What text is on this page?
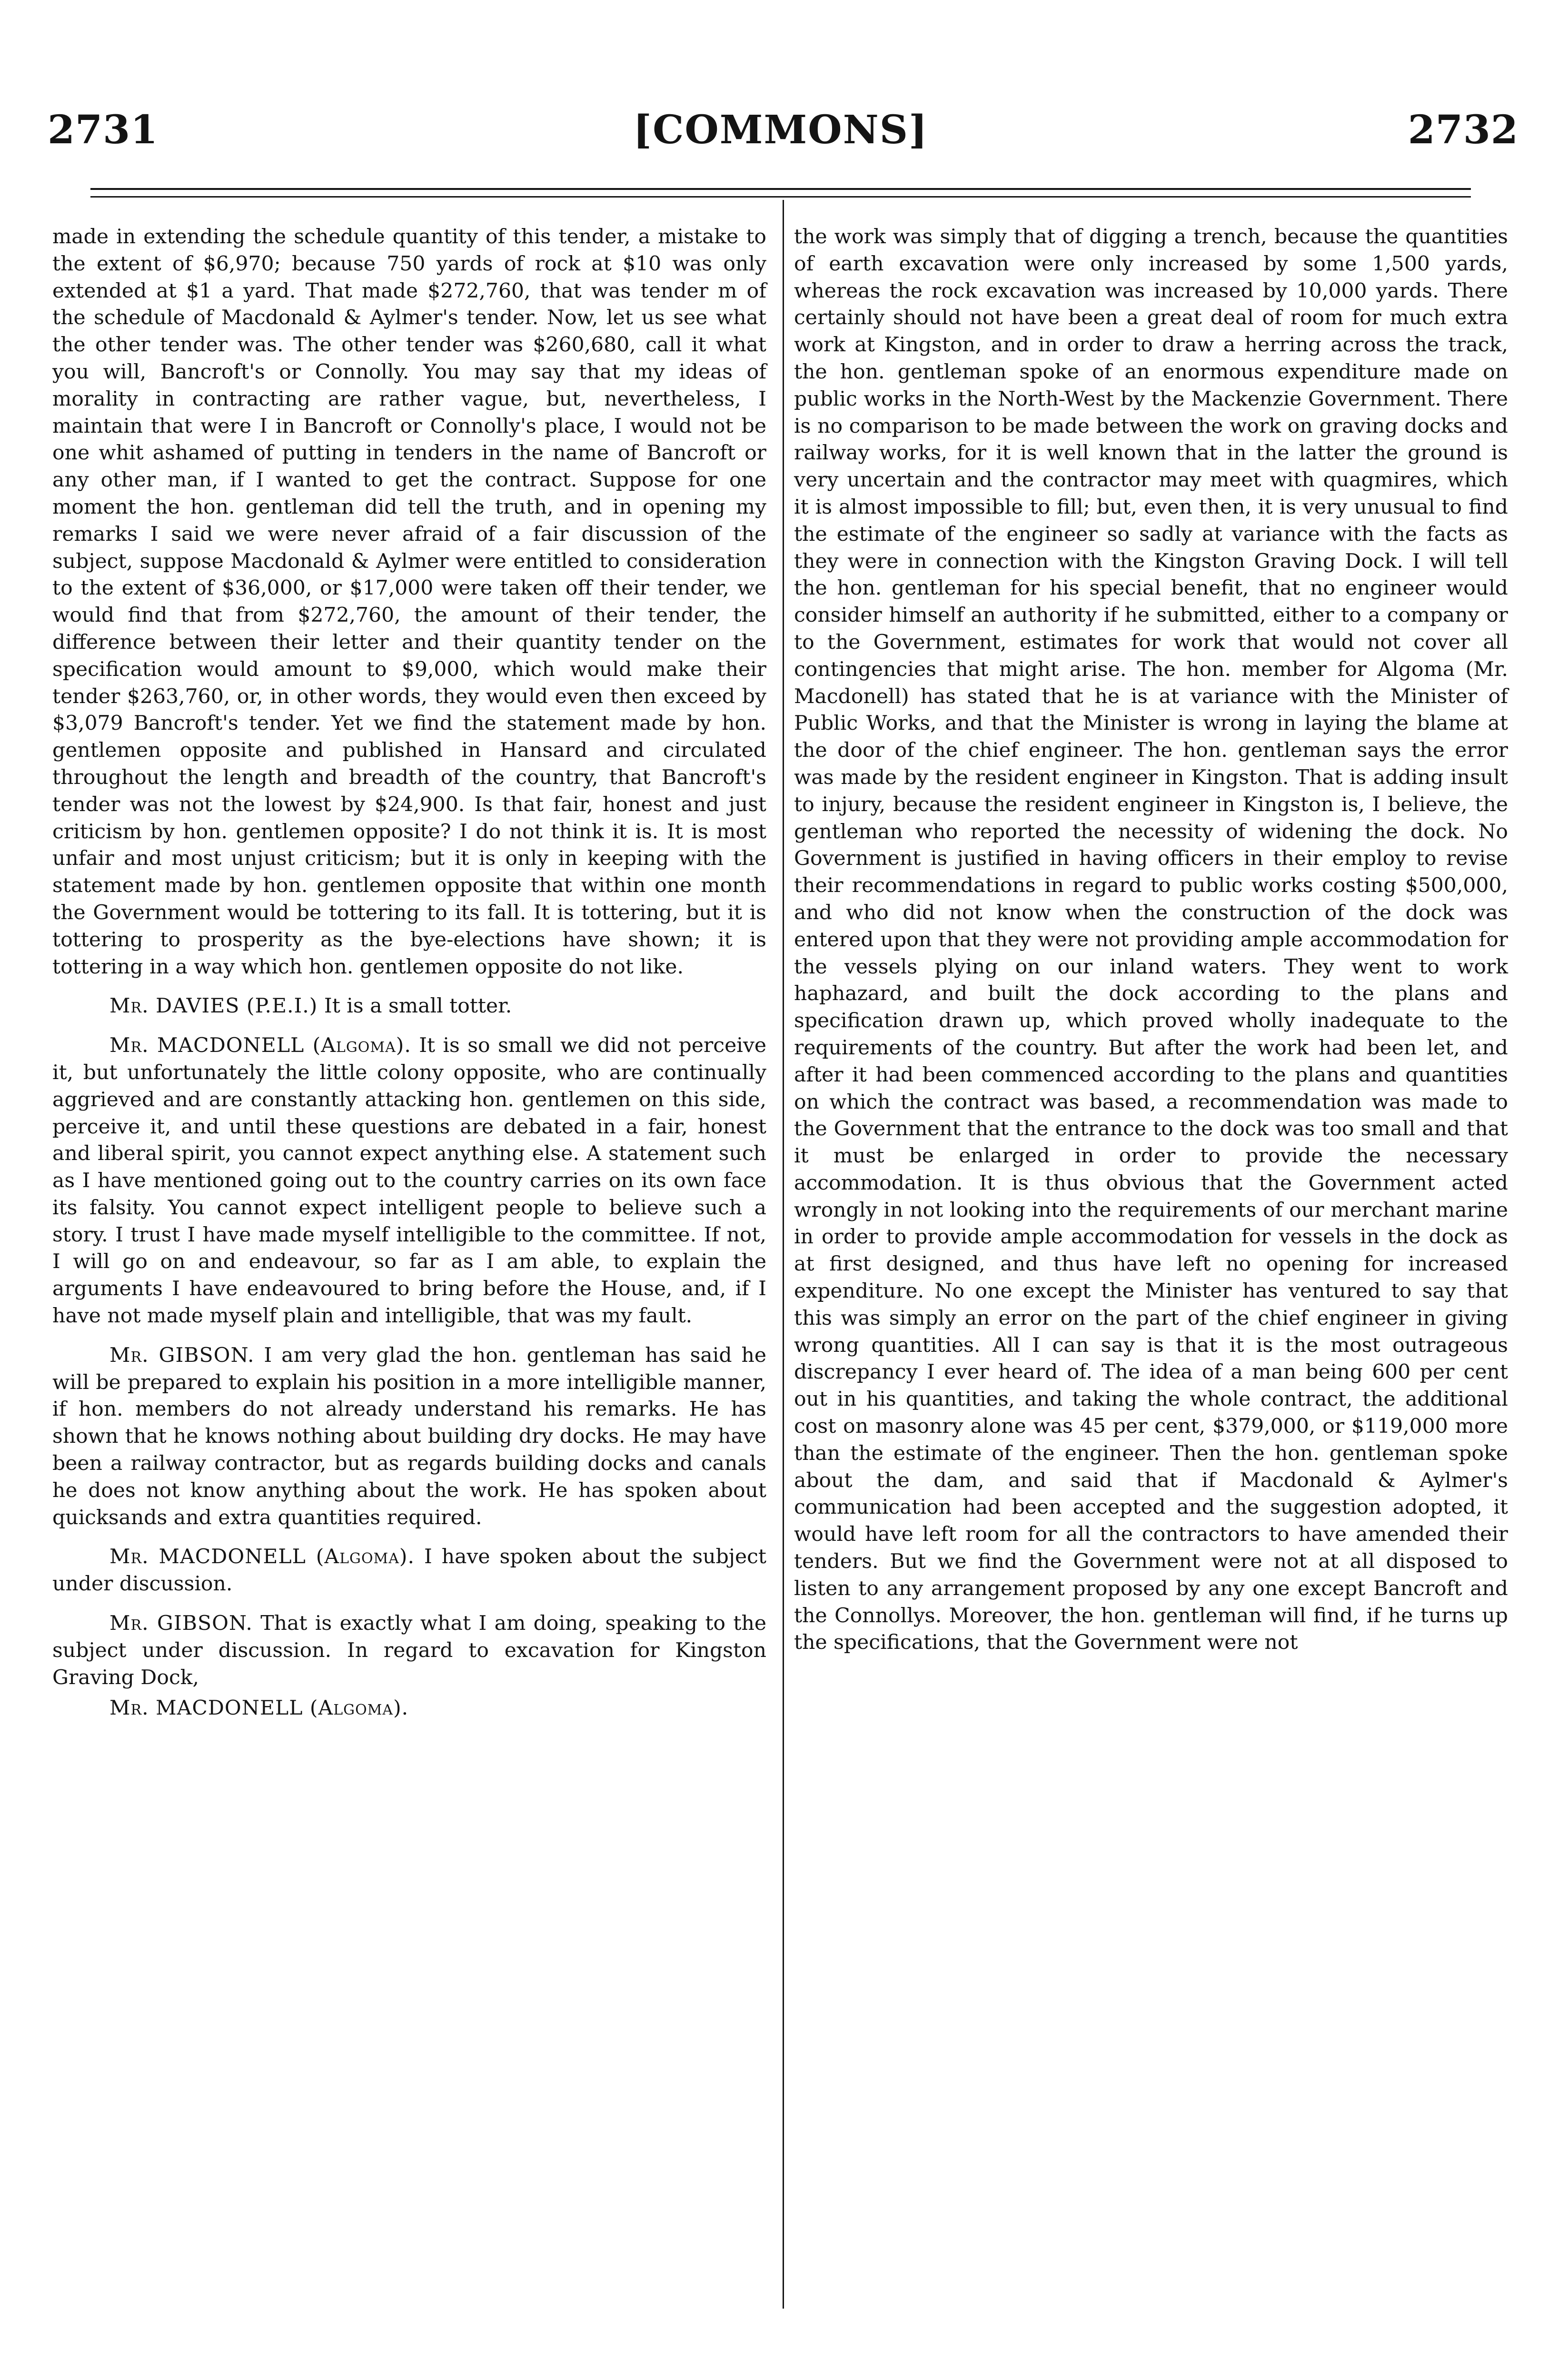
2731	[COMMONS]	2732

made in extending the schedule quantity of this tender, a mistake to the extent of $6,970; because 750 yards of rock at $10 was only extended at $1 a yard. That made $272,760, that was tender m of the schedule of Macdonald & Aylmer's tender. Now, let us see what the other tender was. The other tender was $260,680, call it what you will, Bancroft's or Connolly. You may say that my ideas of morality in contracting are rather vague, but, nevertheless, I maintain that were I in Bancroft or Connolly's place, I would not be one whit ashamed of putting in tenders in the name of Bancroft or any other man, if I wanted to get the contract. Suppose for one moment the hon. gentleman did tell the truth, and in opening my remarks I said we were never afraid of a fair discussion of the subject, suppose Macdonald & Aylmer were entitled to consideration to the extent of $36,000, or $17,000 were taken off their tender, we would find that from $272,760, the amount of their tender, the difference between their letter and their quantity tender on the specification would amount to $9,000, which would make their tender $263,760, or, in other words, they would even then exceed by $3,079 Bancroft's tender. Yet we find the statement made by hon. gentlemen opposite and published in Hansard and circulated throughout the length and breadth of the country, that Bancroft's tender was not the lowest by $24,900. Is that fair, honest and just criticism by hon. gentlemen opposite? I do not think it is. It is most unfair and most unjust criticism; but it is only in keeping with the statement made by hon. gentlemen opposite that within one month the Government would be tottering to its fall. It is tottering, but it is tottering to prosperity as the bye-elections have shown; it is tottering in a way which hon. gentlemen opposite do not like.

Mr. DAVIES (P.E.I.) It is a small totter.

Mr. MACDONELL (Algoma). It is so small we did not perceive it, but unfortunately the little colony opposite, who are continually aggrieved and are constantly attacking hon. gentlemen on this side, perceive it, and until these questions are debated in a fair, honest and liberal spirit, you cannot expect anything else. A statement such as I have mentioned going out to the country carries on its own face its falsity. You cannot expect intelligent people to believe such a story. I trust I have made myself intelligible to the committee. If not, I will go on and endeavour, so far as I am able, to explain the arguments I have endeavoured to bring before the House, and, if I have not made myself plain and intelligible, that was my fault.

Mr. GIBSON. I am very glad the hon. gentleman has said he will be prepared to explain his position in a more intelligible manner, if hon. members do not already understand his remarks. He has shown that he knows nothing about building dry docks. He may have been a railway contractor, but as regards building docks and canals he does not know anything about the work. He has spoken about quicksands and extra quantities required.

Mr. MACDONELL (Algoma). I have spoken about the subject under discussion.

Mr. GIBSON. That is exactly what I am doing, speaking to the subject under discussion. In regard to excavation for Kingston Graving Dock,

Mr. MACDONELL (Algoma).

the work was simply that of digging a trench, because the quantities of earth excavation were only increased by some 1,500 yards, whereas the rock excavation was increased by 10,000 yards. There certainly should not have been a great deal of room for much extra work at Kingston, and in order to draw a herring across the track, the hon. gentleman spoke of an enormous expenditure made on public works in the North-West by the Mackenzie Government. There is no comparison to be made between the work on graving docks and railway works, for it is well known that in the latter the ground is very uncertain and the contractor may meet with quagmires, which it is almost impossible to fill; but, even then, it is very unusual to find the estimate of the engineer so sadly at variance with the facts as they were in connection with the Kingston Graving Dock. I will tell the hon. gentleman for his special benefit, that no engineer would consider himself an authority if he submitted, either to a company or to the Government, estimates for work that would not cover all contingencies that might arise. The hon. member for Algoma (Mr. Macdonell) has stated that he is at variance with the Minister of Public Works, and that the Minister is wrong in laying the blame at the door of the chief engineer. The hon. gentleman says the error was made by the resident engineer in Kingston. That is adding insult to injury, because the resident engineer in Kingston is, I believe, the gentleman who reported the necessity of widening the dock. No Government is justified in having officers in their employ to revise their recommendations in regard to public works costing $500,000, and who did not know when the construction of the dock was entered upon that they were not providing ample accommodation for the vessels plying on our inland waters. They went to work haphazard, and built the dock according to the plans and specification drawn up, which proved wholly inadequate to the requirements of the country. But after the work had been let, and after it had been commenced according to the plans and quantities on which the contract was based, a recommendation was made to the Government that the entrance to the dock was too small and that it must be enlarged in order to provide the necessary accommodation. It is thus obvious that the Government acted wrongly in not looking into the requirements of our merchant marine in order to provide ample accommodation for vessels in the dock as at first designed, and thus have left no opening for increased expenditure. No one except the Minister has ventured to say that this was simply an error on the part of the chief engineer in giving wrong quantities. All I can say is that it is the most outrageous discrepancy I ever heard of. The idea of a man being 600 per cent out in his quantities, and taking the whole contract, the additional cost on masonry alone was 45 per cent, $379,000, or $119,000 more than the estimate of the engineer. Then the hon. gentleman spoke about the dam, and said that if Macdonald & Aylmer's communication had been accepted and the suggestion adopted, it would have left room for all the contractors to have amended their tenders. But we find the Government were not at all disposed to listen to any arrangement proposed by any one except Bancroft and the Connollys. Moreover, the hon. gentleman will find, if he turns up the specifications, that the Government were not
